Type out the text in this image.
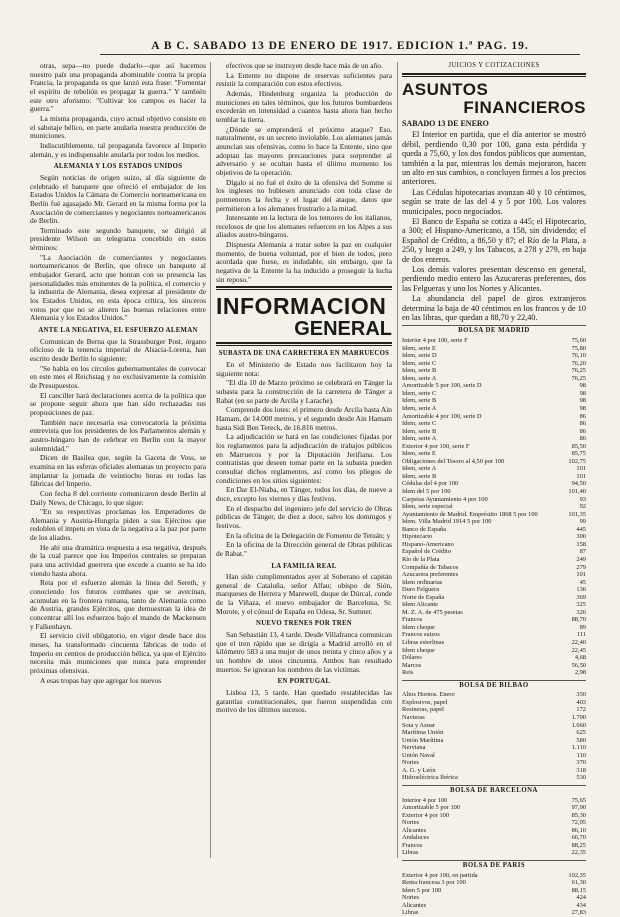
A B C. SABADO 13 DE ENERO DE 1917. EDICION 1.ª PAG. 19.

otras, sepa—no puede dudarlo—que así hacemos nuestro país una propaganda abominable contra la propia Francia, la propaganda es que lanzó esta frase: "Fomentar el espíritu de rebelión es propagar la guerra." Y también este otro aforismo: "Cultivar los campos es hacer la guerra."

La misma propaganda, cuyo actual objetivo consiste en el sabotaje bélico, en parte anularía nuestra producción de municiones.

Indiscutiblemente, tal propaganda favorece al Imperio alemán, y es indispensable anularla por todos los medios.

ALEMANIA Y LOS ESTADOS UNIDOS

Según noticias de origen suizo, al día siguiente de celebrado el banquete que ofreció el embajador de los Estados Unidos la Cámara de Comercio norteamericana en Berlín fué agasajado Mr. Gerard en la misma forma por la Asociación de comerciantes y negociantes norteamericanos de Berlín.

Terminado este segundo banquete, se dirigió al presidente Wilson un telegrama concebido en estos términos:

"La Asociación de comerciantes y negociantes norteamericanos de Berlín, que ofrece un banquete al embajador Gerard, acto que honran con su presencia las personalidades más eminentes de la política, el comercio y la industria de Alemania, desea expresar al presidente de los Estados Unidos, en esta época crítica, los sinceros votos por que no se alteren las buenas relaciones entre Alemania y los Estados Unidos."

ANTE LA NEGATIVA, EL ESFUERZO ALEMAN

Comunican de Berna que la Strassburger Post, órgano oficioso de la tenencia imperial de Alsacia-Lorena, han escrito desde Berlín lo siguiente:

"Se habla en los círculos gubernamentales de convocar en este mes el Reichstag y no exclusivamente la comisión de Presupuestos.

El canciller hará declaraciones acerca de la política que se propone seguir ahora que han sido rechazadas sus proposiciones de paz.

También nace necesaria esa convocatoria la próxima entrevista que los presidentes de los Parlamentos alemán y austro-húngaro han de celebrar en Berlín con la mayor solemnidad."

Dicen de Basilea que, según la Gaceta de Voss, se examina en las esferas oficiales alemanas un proyecto para implantar la jornada de veintiocho horas en todas las fábricas del Imperio.

Con fecha 8 del corriente comunicaron desde Berlín al Daily News, de Chicago, lo que sigue:

"En su respectivas proclamas los Emperadores de Alemania y Austria-Hungría piden a sus Ejércitos que redoblen el ímpetu en vista de la negativa a la paz por parte de los aliados.

He ahí una dramática respuesta a esa negativa, después de la cual parece que los Imperios centrales se preparan para una actividad guerrera que excede a cuanto se ha ido viendo hasta ahora.

Reta por el esfuerzo alemán la línea del Sereth, y conociendo los futuros combates que se avecinan, acumulan en la frontera rumana, tanto de Alemania como de Austria, grandes Ejércitos, que demuestran la idea de concentrar allí los esfuerzos bajo el mando de Mackensen y Falkenhayn.

El servicio civil obligatorio, en vigor desde hace dos meses, ha transformado cincuenta fábricas de todo el Imperio en centros de producción bélica, ya que el Ejército necesita más municiones que nunca para emprender próximas ofensivas.

A esas tropas hay que agregar los nuevos

efectivos que se instruyen desde hace más de un año.

La Entente no dispone de reservas suficientes para resistir la comparación con estos efectivos.

Además, Hindenburg organiza la producción de municiones en tales términos, que los futuros bombardeos excederán en intensidad a cuantos hasta ahora han hecho temblar la tierra.

¿Dónde se emprenderá el próximo ataque? Eso, naturalmente, es un secreto inviolable. Los alemanes jamás anuncian sus ofensivas, como lo hace la Entente, sino que adoptan las mayores precauciones para sorprender al adversario y se ocultan hasta el último momento los objetivos de la operación.

Dígalo si no fué el éxito de la ofensiva del Somme si los ingleses no hubiesen anunciado con toda clase de pormenores la fecha y el lugar del ataque, datos que permitieron a los alemanes frustrarlo a la mitad.

Interesante en la lectura de los temores de los italianos, recelosos de que los alemanes refuercen en los Alpes a sus aliados austro-húngaros.

Dispuesta Alemania a tratar sobre la paz en cualquier momento, de buena voluntad, por el bien de todos, pero acordada que fuese, es indudable, sin embargo, que la negativa de la Entente la ha inducido a proseguir la lucha sin reposo."

INFORMACION
GENERAL
SUBASTA DE UNA CARRETERA EN MARRUECOS

En el Ministerio de Estado nos facilitaron hoy la siguiente nota:

"El día 10 de Marzo próximo se celebrará en Tánger la subasta para la construcción de la carretera de Tánger a Rabat (en su parte de Arcila y Larache).

Comprende dos lotes: el primero desde Arcila hasta Ain Hamam, de 14.000 metros, y el segundo desde Ain Hamam hasta Sidi Ben Tereck, de 16.816 metros.

La adjudicación se hará en las condiciones fijadas por los reglamentos para la adjudicación de trabajos públicos en Marruecos y por la Diputación Jerifiana. Los contratistas que deseen tomar parte en la subasta pueden consultar dichos reglamentos, así como los pliegos de condiciones en los sitios siguientes:

En Dar El-Niaba, en Tánger, todos los días, de nueve a doce, excepto los viernes y días festivos.

En el despacho del ingeniero jefe del servicio de Obras públicas de Tánger, de diez a doce, salvo los domingos y festivos.

En la oficina de la Delegación de Fomento de Tetuán; y

En la oficina de la Dirección general de Obras públicas de Rabat."

LA FAMILIA REAL

Han sido cumplimentados ayer al Soberano el capitán general de Cataluña, señor Alfau; obispo de Sión, marqueses de Herrera y Marewell, duque de Dúrcal, conde de la Viñaza, el nuevo embajador de Barcelona, Sr. Morote, y el cónsul de España en Odesa, Sr. Sumner.

NUEVO TRENES POR TREN

San Sebastián 13, 4 tarde. Desde Villafranca comunican que el tren rápido que se dirigía a Madrid arrolló en el kilómetro 583 a una mujer de unos treinta y cinco años y a un hombre de unos cincuenta. Ambos han resultado muertos. Se ignoran los nombres de las víctimas.

EN PORTUGAL

Lisboa 13, 5 tarde. Han quedado restablecidas las garantías constitucionales, que fueron suspendidas con motivo de los últimos sucesos.

JUICIOS Y COTIZACIONES
ASUNTOS
FINANCIEROS
SABADO 13 DE ENERO

El Interior en partida, que el día anterior se mostró débil, perdiendo 0,30 por 100, gana esta pérdida y queda a 75,60, y los dos fondos públicos que aumentan, también a la par, mientras los demás mejoraron, hacen un alto en sus cambios, o concluyen firmes a los precios anteriores.

Las Cédulas hipotecarias avanzan 40 y 10 céntimos, según se trate de las del 4 y 5 por 100. Los valores municipales, poco negociados.

El Banco de España se cotiza a 445; el Hipotecario, a 300; el Hispano-Americano, a 158, sin dividendo; el Español de Crédito, a 86,50 y 87; el Río de la Plata, a 250, y luego a 249, y los Tabacos, a 278 y 279, en baja de dos enteros.

Los demás valores presentan descenso en general, perdiendo medio entero las Azucareras preferentes, dos las Felgueras y uno los Nortes y Alicantes.

La abundancia del papel de giros extranjeros determina la baja de 40 céntimos en los francos y de 10 en las libras, que quedan a 88,70 y 22,40.

BOLSA DE MADRID
Interior 4 por 100, serie F	75,60
Idem, serie E	75,80
Idem, serie D	76,10
Idem, serie C	76,20
Idem, serie B	76,25
Idem, serie A	76,25
Amortizable 5 por 100, serie D	98
Idem, serie C	98
Idem, serie B	98
Idem, serie A	98
Amortizable 4 por 100, serie D	86
Idem, serie C	86
Idem, serie B	86
Idem, serie A	86
Exterior 4 por 100, serie F	85,50
Idem, serie E	85,75
Obligaciones del Tesoro al 4,50 por 100	102,75
Idem, serie A	101
Idem, serie B	101
Cédulas del 4 por 100	94,50
Idem del 5 por 100	101,40
Carpetas Ayuntamiento 4 por 100	93
Idem, serie especial	92
Ayuntamiento de Madrid. Empréstito 1868 5 por 100	101,35
Idem. Villa Madrid 1914 5 por 100	99
Banco de España	445
Hipotecario	300
Hispano-Americano	158
Español de Crédito	87
Río de la Plata	249
Compañía de Tabacos	279
Azucarera preferentes	101
Idem ordinarias	45
Duro Felguera	136
Norte de España	369
Idem Alicante	325
M. Z. A. de 475 pesetas	326
Francos	88,70
Idem cheque	89
Francos suizos	111
Libras esterlinas	22,40
Idem cheque	22,45
Dólares	4,68
Marcos	56,50
Reis	2,98
BOLSA DE BILBAO
Altos Hornos. Enero	350
Explosivos, papel	403
Resineras, papel	172
Navieras	1.700
Sota y Aznar	1.660
Marítima Unión	625
Unión Marítima	580
Nerviana	1.110
Unión Naval	110
Nortes	370
A. G. y León	318
Hidroeléctrica Ibérica	530
BOLSA DE BARCELONA
Interior 4 por 100	75,65
Amortizable 5 por 100	97,90
Exterior 4 por 100	85,30
Nortes	72,05
Alicantes	86,10
Andaluces	66,70
Francos	88,25
Libras	22,35
BOLSA DE PARIS
Exterior 4 por 100, en partida	102,35
Renta francesa 3 por 100	61,30
Idem 5 por 100	88,15
Nortes	424
Alicantes	434
Libras	27,83
